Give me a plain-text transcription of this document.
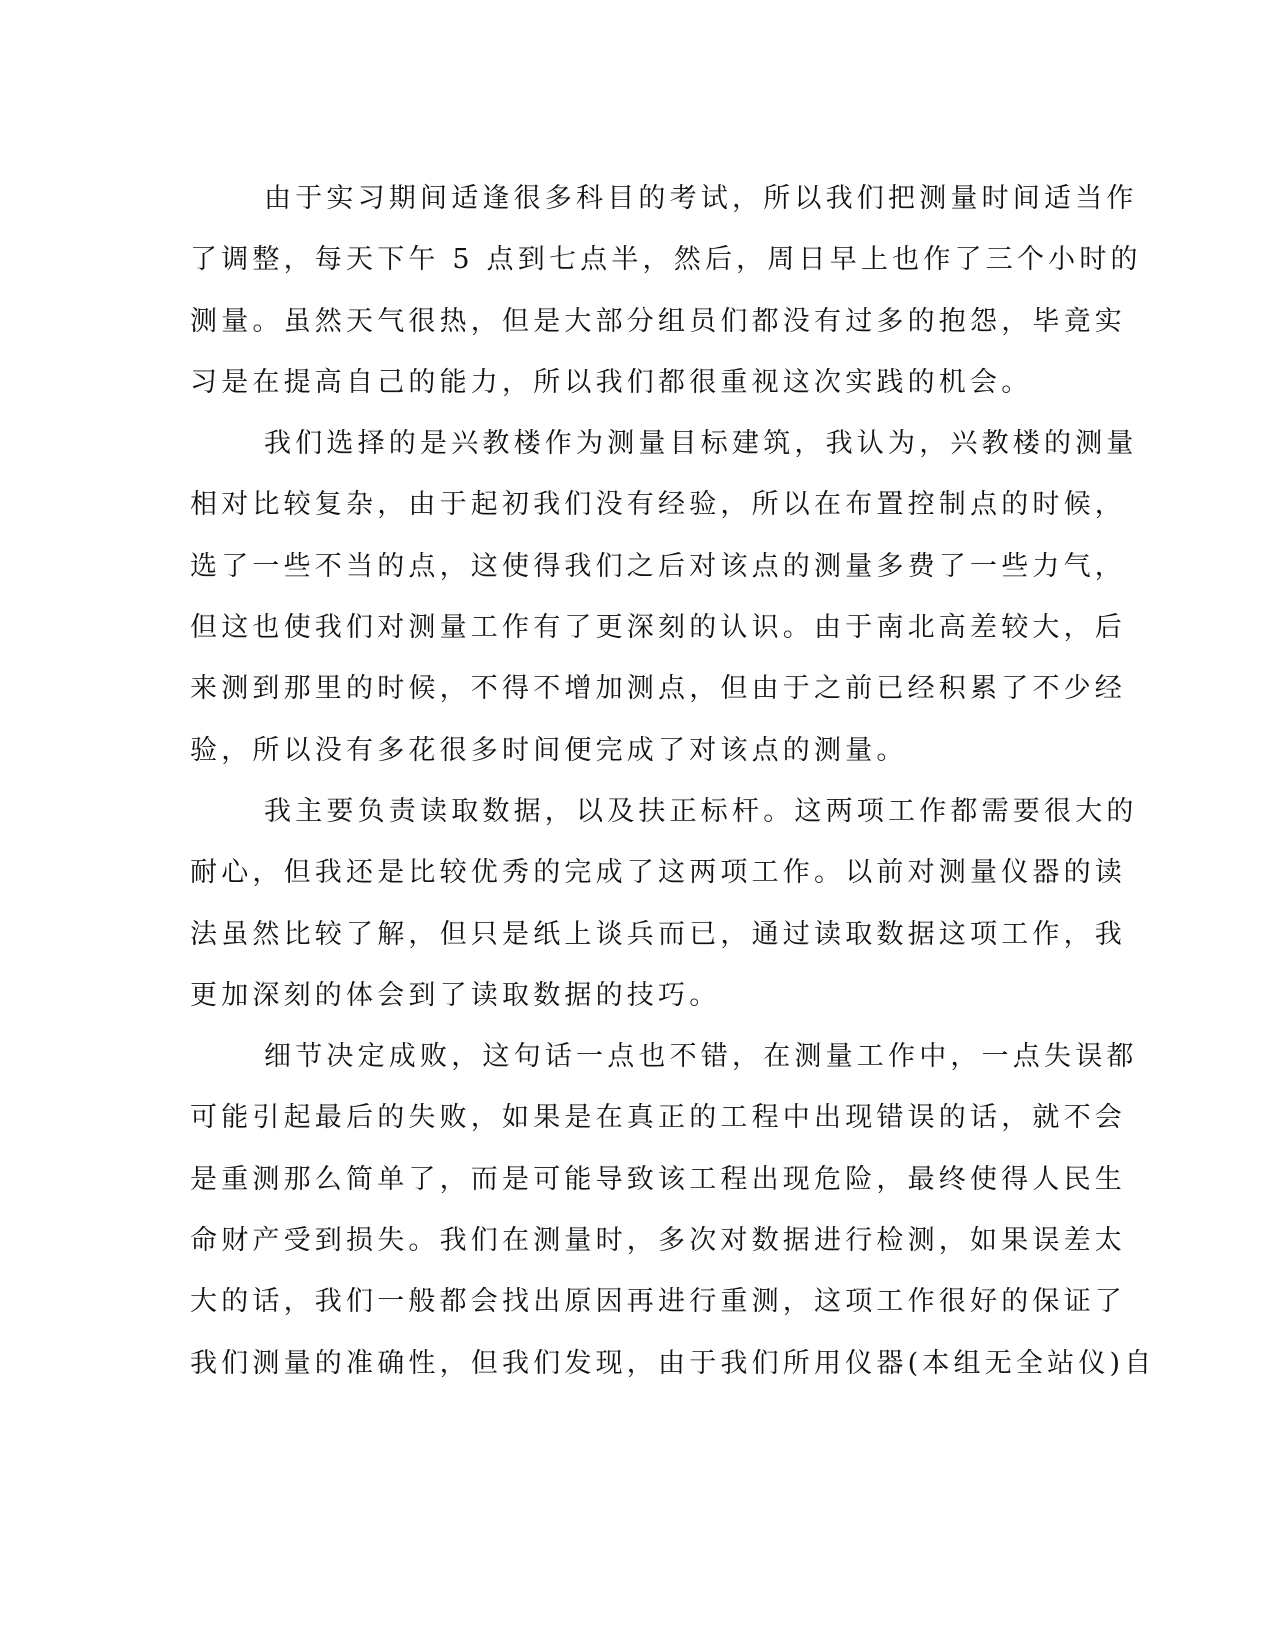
由于实习期间适逢很多科目的考试，所以我们把测量时间适当作
了调整，每天下午 5 点到七点半，然后，周日早上也作了三个小时的
测量。虽然天气很热，但是大部分组员们都没有过多的抱怨，毕竟实
习是在提高自己的能力，所以我们都很重视这次实践的机会。
我们选择的是兴教楼作为测量目标建筑，我认为，兴教楼的测量
相对比较复杂，由于起初我们没有经验，所以在布置控制点的时候，
选了一些不当的点，这使得我们之后对该点的测量多费了一些力气，
但这也使我们对测量工作有了更深刻的认识。由于南北高差较大，后
来测到那里的时候，不得不增加测点，但由于之前已经积累了不少经
验，所以没有多花很多时间便完成了对该点的测量。
我主要负责读取数据，以及扶正标杆。这两项工作都需要很大的
耐心，但我还是比较优秀的完成了这两项工作。以前对测量仪器的读
法虽然比较了解，但只是纸上谈兵而已，通过读取数据这项工作，我
更加深刻的体会到了读取数据的技巧。
细节决定成败，这句话一点也不错，在测量工作中，一点失误都
可能引起最后的失败，如果是在真正的工程中出现错误的话，就不会
是重测那么简单了，而是可能导致该工程出现危险，最终使得人民生
命财产受到损失。我们在测量时，多次对数据进行检测，如果误差太
大的话，我们一般都会找出原因再进行重测，这项工作很好的保证了
我们测量的准确性，但我们发现，由于我们所用仪器(本组无全站仪)自
